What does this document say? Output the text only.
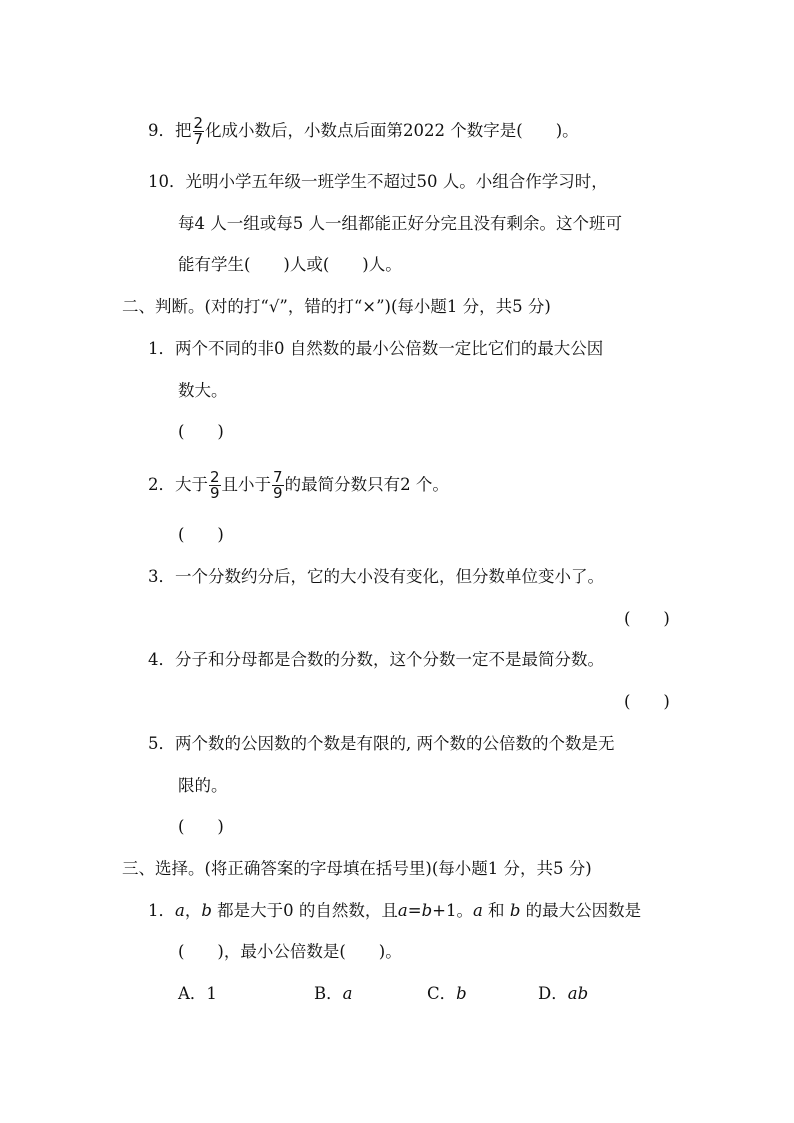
9．把 $\frac{2}{7}$ 化成小数后，小数点后面第2022 个数字是(　　)。
10．光明小学五年级一班学生不超过50 人。小组合作学习时，
每4 人一组或每5 人一组都能正好分完且没有剩余。这个班可
能有学生(　　)人或(　　)人。
二、判断。(对的打“√”，错的打“×”)(每小题1 分，共5 分)
1．两个不同的非0 自然数的最小公倍数一定比它们的最大公因
数大。
(　　)
2．大于 $\frac{2}{9}$ 且小于 $\frac{7}{9}$ 的最简分数只有2 个。
(　　)
3．一个分数约分后，它的大小没有变化，但分数单位变小了。
(　　)
4．分子和分母都是合数的分数，这个分数一定不是最简分数。
(　　)
5．两个数的公因数的个数是有限的, 两个数的公倍数的个数是无
限的。
(　　)
三、选择。(将正确答案的字母填在括号里)(每小题1 分，共5 分)
1．a，b 都是大于0 的自然数，且a=b+1。a 和 b 的最大公因数是
(　　)，最小公倍数是(　　)。
A．1	B．a	C．b	D．ab
